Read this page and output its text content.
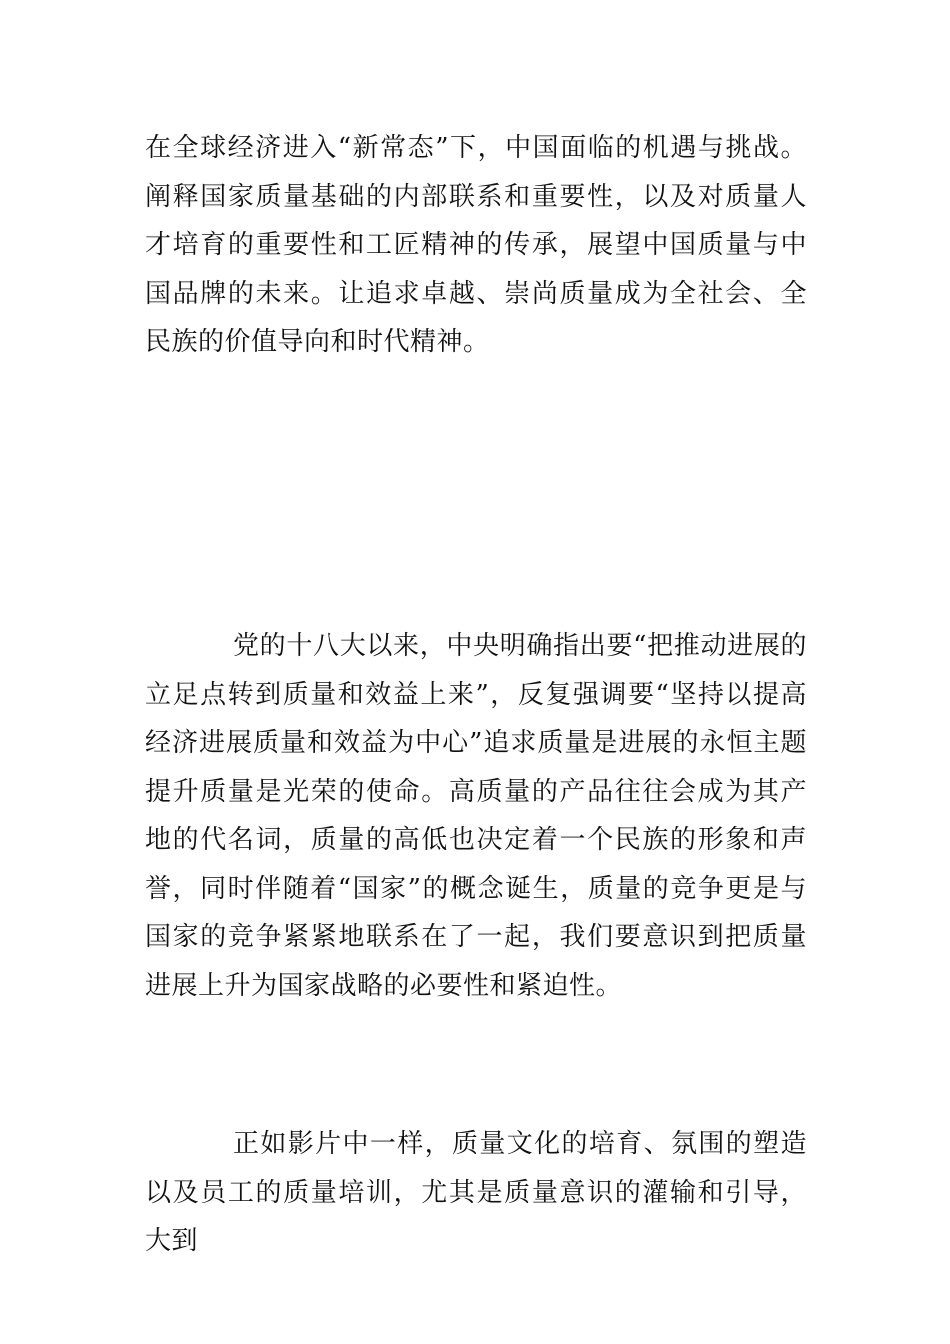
在全球经济进入“新常态”下，中国面临的机遇与挑战。阐释国家质量基础的内部联系和重要性，以及对质量人才培育的重要性和工匠精神的传承，展望中国质量与中国品牌的未来。让追求卓越、崇尚质量成为全社会、全民族的价值导向和时代精神。

党的十八大以来，中央明确指出要“把推动进展的立足点转到质量和效益上来”，反复强调要“坚持以提高经济进展质量和效益为中心”追求质量是进展的永恒主题提升质量是光荣的使命。高质量的产品往往会成为其产地的代名词，质量的高低也决定着一个民族的形象和声誉，同时伴随着“国家”的概念诞生，质量的竞争更是与国家的竞争紧紧地联系在了一起，我们要意识到把质量进展上升为国家战略的必要性和紧迫性。

正如影片中一样，质量文化的培育、氛围的塑造以及员工的质量培训，尤其是质量意识的灌输和引导，大到
